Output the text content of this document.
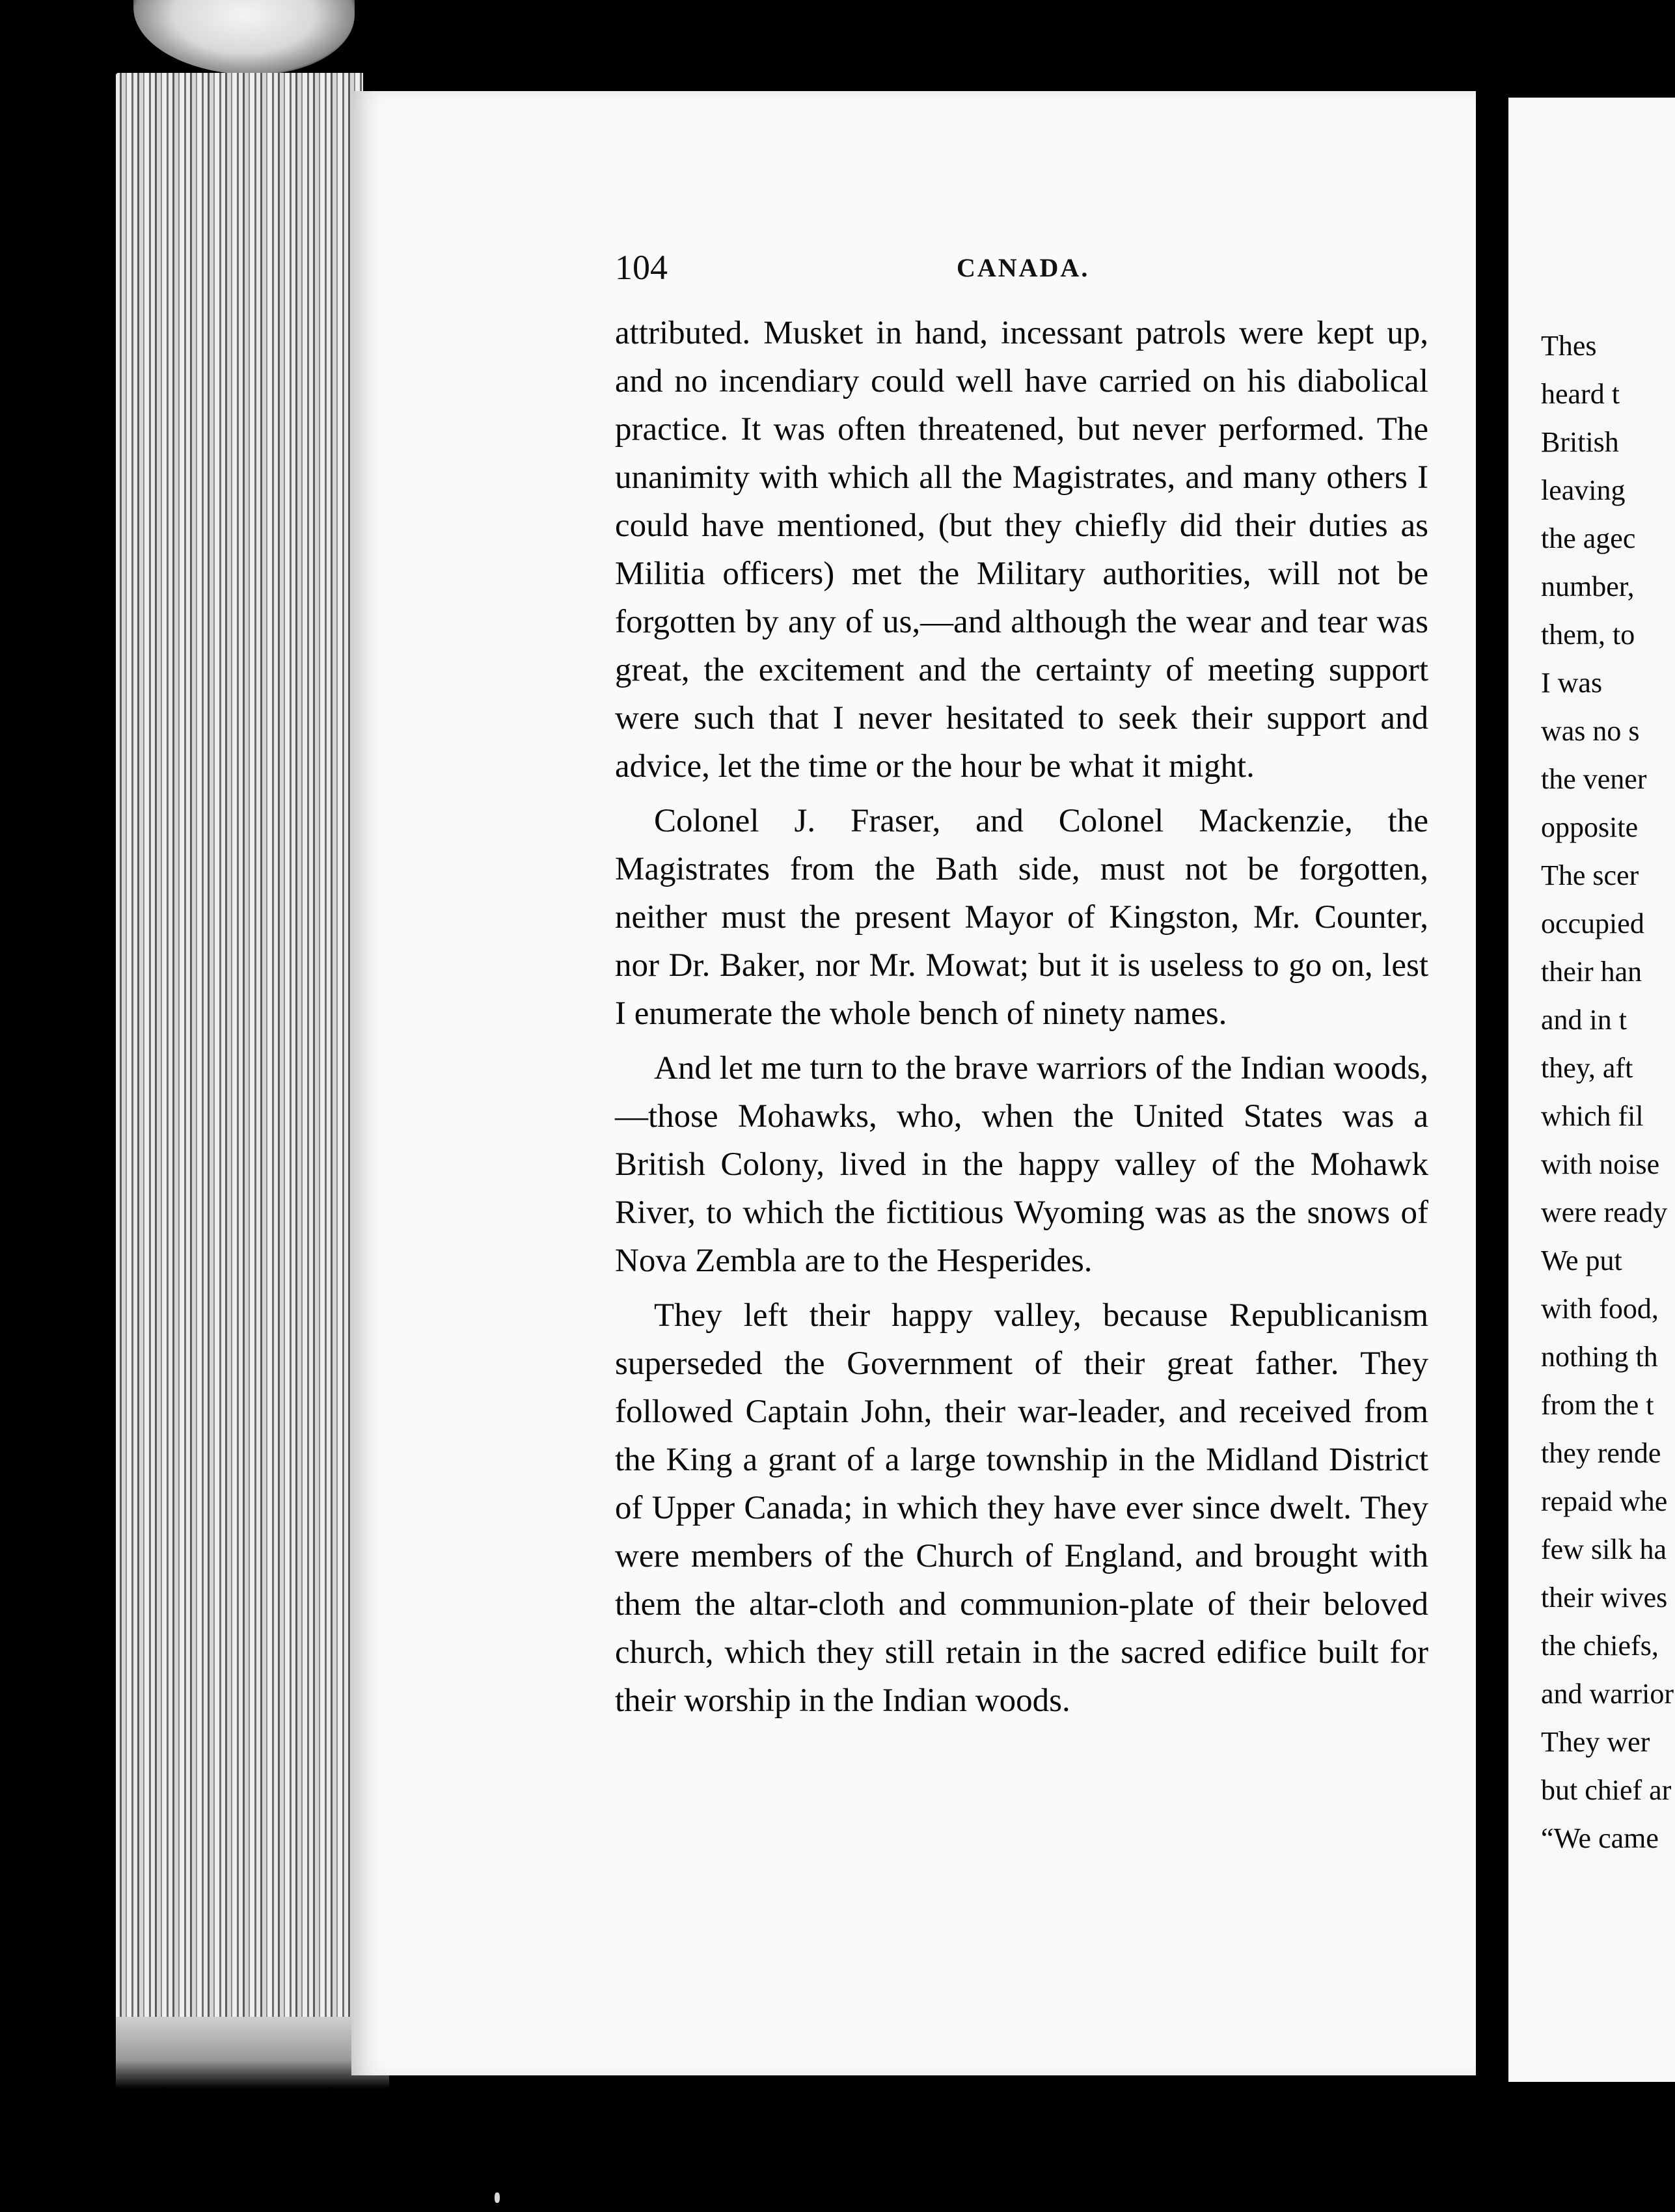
104	CANADA.

attributed. Musket in hand, incessant patrols were kept up, and no incendiary could well have carried on his diabolical practice. It was often threatened, but never performed. The unanimity with which all the Magistrates, and many others I could have mentioned, (but they chiefly did their duties as Militia officers) met the Military authorities, will not be forgotten by any of us,—and although the wear and tear was great, the excitement and the certainty of meeting support were such that I never hesitated to seek their support and advice, let the time or the hour be what it might.

Colonel J. Fraser, and Colonel Mackenzie, the Magistrates from the Bath side, must not be forgotten, neither must the present Mayor of Kingston, Mr. Counter, nor Dr. Baker, nor Mr. Mowat; but it is useless to go on, lest I enumerate the whole bench of ninety names.

And let me turn to the brave warriors of the Indian woods,—those Mohawks, who, when the United States was a British Colony, lived in the happy valley of the Mohawk River, to which the fictitious Wyoming was as the snows of Nova Zembla are to the Hesperides.

They left their happy valley, because Republicanism superseded the Government of their great father. They followed Captain John, their war-leader, and received from the King a grant of a large township in the Midland District of Upper Canada; in which they have ever since dwelt. They were members of the Church of England, and brought with them the altar-cloth and communion-plate of their beloved church, which they still retain in the sacred edifice built for their worship in the Indian woods.

Thes
heard t
British
leaving
the agec
number,
them, to
I was
was no s
the vener
opposite
The scer
occupied
their han
and in t
they, aft
which fil
with noise
were ready
We put
with food,
nothing th
from the t
they rende
repaid whe
few silk ha
their wives
the chiefs,
and warrior
They wer
but chief ar
“We came
